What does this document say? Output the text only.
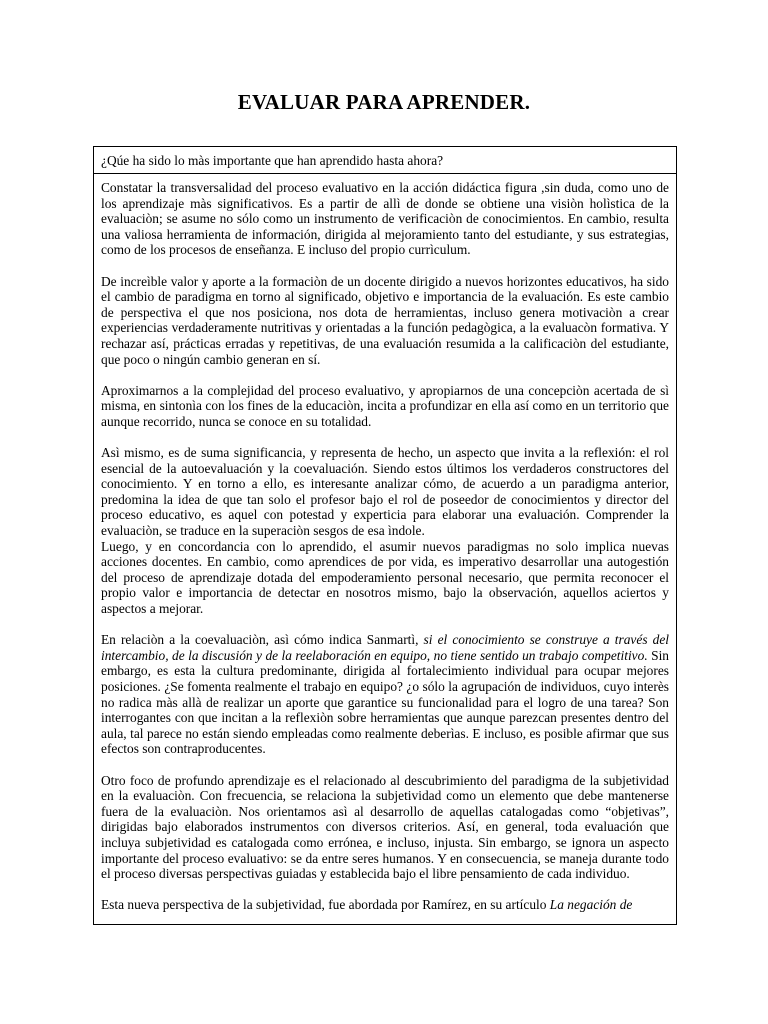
EVALUAR PARA APRENDER.
¿Qúe ha sido lo màs importante que han aprendido hasta ahora?

Constatar la transversalidad del proceso evaluativo en la acción didáctica figura ,sin duda, como uno de los aprendizaje màs significativos. Es a partir de allì de donde se obtiene una visiòn holìstica de la evaluaciòn; se asume no sólo como un instrumento de verificaciòn de conocimientos. En cambio, resulta una valiosa herramienta de información, dirigida al mejoramiento tanto del estudiante, y sus estrategias, como de los procesos de enseñanza. E incluso del propio currìculum.

De increìble valor y aporte a la formaciòn de un docente dirigido a nuevos horizontes educativos, ha sido el cambio de paradigma en torno al significado, objetivo e importancia de la evaluación. Es este cambio de perspectiva el que nos posiciona, nos dota de herramientas, incluso genera motivaciòn a crear experiencias verdaderamente nutritivas y orientadas a la función pedagògica, a la evaluacòn formativa. Y rechazar así, prácticas erradas y repetitivas, de una evaluación resumida a la calificaciòn del estudiante, que poco o ningún cambio generan en sí.

Aproximarnos a la complejidad del proceso evaluativo, y apropiarnos de una concepciòn acertada de sì misma, en sintonìa con los fines de la educaciòn, incita a profundizar en ella así como en un territorio que aunque recorrido, nunca se conoce en su totalidad.

Asì mismo, es de suma significancia, y representa de hecho, un aspecto que invita a la reflexión: el rol esencial de la autoevaluación y la coevaluación. Siendo estos últimos los verdaderos constructores del conocimiento. Y en torno a ello, es interesante analizar cómo, de acuerdo a un paradigma anterior, predomina la idea de que tan solo el profesor bajo el rol de poseedor de conocimientos y director del proceso educativo, es aquel con potestad y experticia para elaborar una evaluación. Comprender la evaluaciòn, se traduce en la superaciòn sesgos de esa ìndole.

Luego, y en concordancia con lo aprendido, el asumir nuevos paradigmas no solo implica nuevas acciones docentes. En cambio, como aprendices de por vida, es imperativo desarrollar una autogestión del proceso de aprendizaje dotada del empoderamiento personal necesario, que permita reconocer el propio valor e importancia de detectar en nosotros mismo, bajo la observación, aquellos aciertos y aspectos a mejorar.

En relaciòn a la coevaluaciòn, asì cómo indica Sanmartì, si el conocimiento se construye a través del intercambio, de la discusión y de la reelaboración en equipo, no tiene sentido un trabajo competitivo. Sin embargo, es esta la cultura predominante, dirigida al fortalecimiento individual para ocupar mejores posiciones. ¿Se fomenta realmente el trabajo en equipo? ¿o sólo la agrupación de individuos, cuyo interès no radica màs allà de realizar un aporte que garantice su funcionalidad para el logro de una tarea? Son interrogantes con que incitan a la reflexiòn sobre herramientas que aunque parezcan presentes dentro del aula, tal parece no están siendo empleadas como realmente deberìas. E incluso, es posible afirmar que sus efectos son contraproducentes.

Otro foco de profundo aprendizaje es el relacionado al descubrimiento del paradigma de la subjetividad en la evaluaciòn. Con frecuencia, se relaciona la subjetividad como un elemento que debe mantenerse fuera de la evaluaciòn. Nos orientamos asì al desarrollo de aquellas catalogadas como “objetivas”, dirigidas bajo elaborados instrumentos con diversos criterios. Así, en general, toda evaluación que incluya subjetividad es catalogada como errónea, e incluso, injusta. Sin embargo, se ignora un aspecto importante del proceso evaluativo: se da entre seres humanos. Y en consecuencia, se maneja durante todo el proceso diversas perspectivas guiadas y establecida bajo el libre pensamiento de cada individuo.

Esta nueva perspectiva de la subjetividad, fue abordada por Ramírez, en su artículo La negación de
